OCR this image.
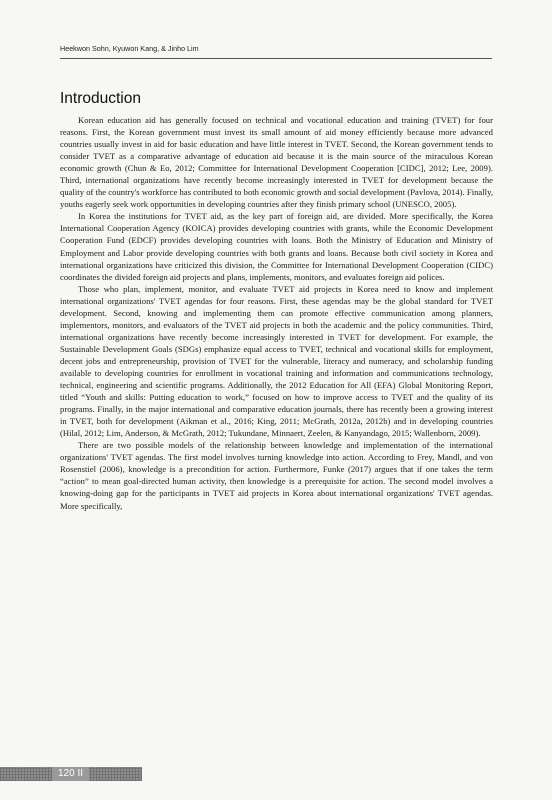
Heekwon Sohn, Kyuwon Kang, & Jinho Lim
Introduction

Korean education aid has generally focused on technical and vocational education and training (TVET) for four reasons. First, the Korean government must invest its small amount of aid money efficiently because more advanced countries usually invest in aid for basic education and have little interest in TVET. Second, the Korean government tends to consider TVET as a comparative advantage of education aid because it is the main source of the miraculous Korean economic growth (Chun & Eo, 2012; Committee for International Development Cooperation [CIDC], 2012; Lee, 2009). Third, international organizations have recently become increasingly interested in TVET for development because the quality of the country's workforce has contributed to both economic growth and social development (Pavlova, 2014). Finally, youths eagerly seek work opportunities in developing countries after they finish primary school (UNESCO, 2005).

In Korea the institutions for TVET aid, as the key part of foreign aid, are divided. More specifically, the Korea International Cooperation Agency (KOICA) provides developing countries with grants, while the Economic Development Cooperation Fund (EDCF) provides developing countries with loans. Both the Ministry of Education and Ministry of Employment and Labor provide developing countries with both grants and loans. Because both civil society in Korea and international organizations have criticized this division, the Committee for International Development Cooperation (CIDC) coordinates the divided foreign aid projects and plans, implements, monitors, and evaluates foreign aid polices.

Those who plan, implement, monitor, and evaluate TVET aid projects in Korea need to know and implement international organizations' TVET agendas for four reasons. First, these agendas may be the global standard for TVET development. Second, knowing and implementing them can promote effective communication among planners, implementors, monitors, and evaluators of the TVET aid projects in both the academic and the policy communities. Third, international organizations have recently become increasingly interested in TVET for development. For example, the Sustainable Development Goals (SDGs) emphasize equal access to TVET, technical and vocational skills for employment, decent jobs and entrepreneurship, provision of TVET for the vulnerable, literacy and numeracy, and scholarship funding available to developing countries for enrollment in vocational training and information and communications technology, technical, engineering and scientific programs. Additionally, the 2012 Education for All (EFA) Global Monitoring Report, titled “Youth and skills: Putting education to work,” focused on how to improve access to TVET and the quality of its programs. Finally, in the major international and comparative education journals, there has recently been a growing interest in TVET, both for development (Aikman et al., 2016; King, 2011; McGrath, 2012a, 2012b) and in developing countries (Hilal, 2012; Lim, Anderson, & McGrath, 2012; Tukundane, Minnaert, Zeelen, & Kanyandago, 2015; Wallenborn, 2009).

There are two possible models of the relationship between knowledge and implementation of the international organizations' TVET agendas. The first model involves turning knowledge into action. According to Frey, Mandl, and von Rosenstiel (2006), knowledge is a precondition for action. Furthermore, Funke (2017) argues that if one takes the term “action” to mean goal-directed human activity, then knowledge is a prerequisite for action. The second model involves a knowing-doing gap for the participants in TVET aid projects in Korea about international organizations' TVET agendas. More specifically,

120 II
